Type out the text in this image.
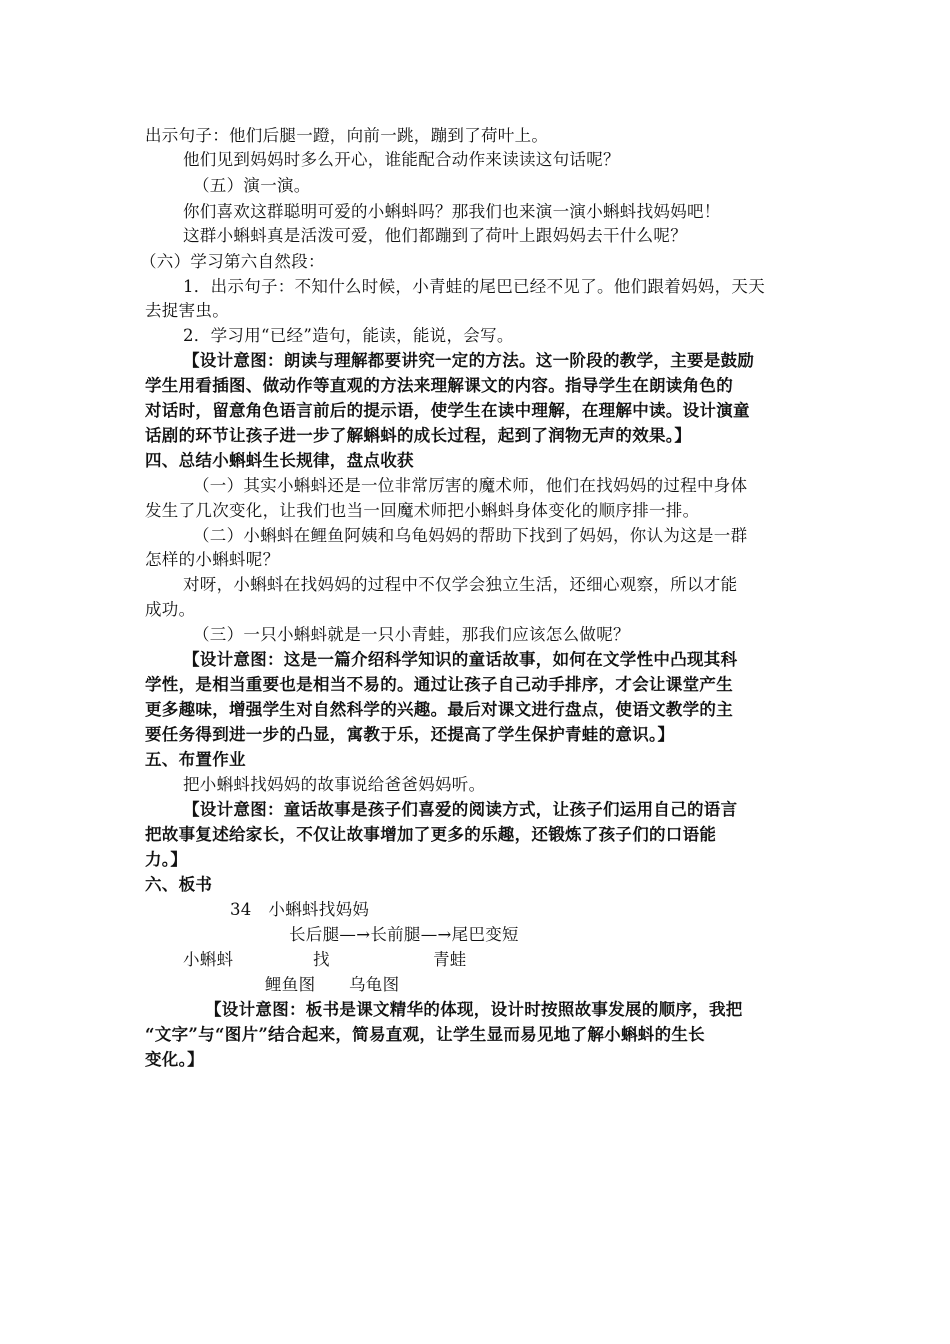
出示句子：他们后腿一蹬，向前一跳，蹦到了荷叶上。
他们见到妈妈时多么开心，谁能配合动作来读读这句话呢？
（五）演一演。
你们喜欢这群聪明可爱的小蝌蚪吗？那我们也来演一演小蝌蚪找妈妈吧！
这群小蝌蚪真是活泼可爱，他们都蹦到了荷叶上跟妈妈去干什么呢？
（六）学习第六自然段：
1．出示句子：不知什么时候，小青蛙的尾巴已经不见了。他们跟着妈妈，天天
去捉害虫。
2．学习用“已经”造句，能读，能说，会写。
【设计意图：朗读与理解都要讲究一定的方法。这一阶段的教学，主要是鼓励
学生用看插图、做动作等直观的方法来理解课文的内容。指导学生在朗读角色的
对话时，留意角色语言前后的提示语，使学生在读中理解，在理解中读。设计演童
话剧的环节让孩子进一步了解蝌蚪的成长过程，起到了润物无声的效果。】
四、总结小蝌蚪生长规律，盘点收获
（一）其实小蝌蚪还是一位非常厉害的魔术师，他们在找妈妈的过程中身体
发生了几次变化，让我们也当一回魔术师把小蝌蚪身体变化的顺序排一排。
（二）小蝌蚪在鲤鱼阿姨和乌龟妈妈的帮助下找到了妈妈，你认为这是一群
怎样的小蝌蚪呢？
对呀，小蝌蚪在找妈妈的过程中不仅学会独立生活，还细心观察，所以才能
成功。
（三）一只小蝌蚪就是一只小青蛙，那我们应该怎么做呢？
【设计意图：这是一篇介绍科学知识的童话故事，如何在文学性中凸现其科
学性，是相当重要也是相当不易的。通过让孩子自己动手排序，才会让课堂产生
更多趣味，增强学生对自然科学的兴趣。最后对课文进行盘点，使语文教学的主
要任务得到进一步的凸显，寓教于乐，还提高了学生保护青蛙的意识。】
五、布置作业
把小蝌蚪找妈妈的故事说给爸爸妈妈听。
【设计意图：童话故事是孩子们喜爱的阅读方式，让孩子们运用自己的语言
把故事复述给家长，不仅让故事增加了更多的乐趣，还锻炼了孩子们的口语能
力。】
六、板书
34　小蝌蚪找妈妈
长后腿—→长前腿—→尾巴变短
小蝌蚪	找	青蛙
鲤鱼图　　乌龟图
【设计意图：板书是课文精华的体现，设计时按照故事发展的顺序，我把
“文字”与“图片”结合起来，简易直观，让学生显而易见地了解小蝌蚪的生长
变化。】
